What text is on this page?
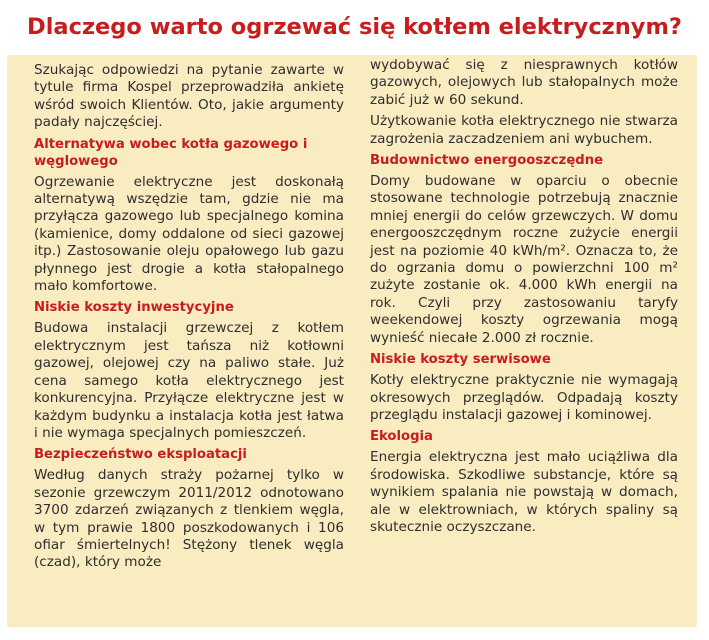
Dlaczego warto ogrzewać się kotłem elektrycznym?

Szukając odpowiedzi na pytanie zawarte w tytule firma Kospel przeprowadziła ankietę wśród swoich Klientów. Oto, jakie argumenty padały najczęściej.

Alternatywa wobec kotła gazowego i węglowego

Ogrzewanie elektryczne jest doskonałą alternatywą wszędzie tam, gdzie nie ma przyłącza gazowego lub specjalnego komina (kamienice, domy oddalone od sieci gazowej itp.) Zastosowanie oleju opałowego lub gazu płynnego jest drogie a kotła stałopalnego mało komfortowe.

Niskie koszty inwestycyjne

Budowa instalacji grzewczej z kotłem elektrycznym jest tańsza niż kotłowni gazowej, olejowej czy na paliwo stałe. Już cena samego kotła elektrycznego jest konkurencyjna. Przyłącze elektryczne jest w każdym budynku a instalacja kotła jest łatwa i nie wymaga specjalnych pomieszczeń.

Bezpieczeństwo eksploatacji

Według danych straży pożarnej tylko w sezonie grzewczym 2011/2012 odnotowano 3700 zdarzeń związanych z tlenkiem węgla, w tym prawie 1800 poszkodowanych i 106 ofiar śmiertelnych! Stężony tlenek węgla (czad), który może

wydobywać się z niesprawnych kotłów gazowych, olejowych lub stałopalnych może zabić już w 60 sekund.

Użytkowanie kotła elektrycznego nie stwarza zagrożenia zaczadzeniem ani wybuchem.

Budownictwo energooszczędne

Domy budowane w oparciu o obecnie stosowane technologie potrzebują znacznie mniej energii do celów grzewczych. W domu energooszczędnym roczne zużycie energii jest na poziomie 40 kWh/m². Oznacza to, że do ogrzania domu o powierzchni 100 m² zużyte zostanie ok. 4.000 kWh energii na rok. Czyli przy zastosowaniu taryfy weekendowej koszty ogrzewania mogą wynieść niecałe 2.000 zł rocznie.

Niskie koszty serwisowe

Kotły elektryczne praktycznie nie wymagają okresowych przeglądów. Odpadają koszty przeglądu instalacji gazowej i kominowej.

Ekologia

Energia elektryczna jest mało uciążliwa dla środowiska. Szkodliwe substancje, które są wynikiem spalania nie powstają w domach, ale w elektrowniach, w których spaliny są skutecznie oczyszczane.
